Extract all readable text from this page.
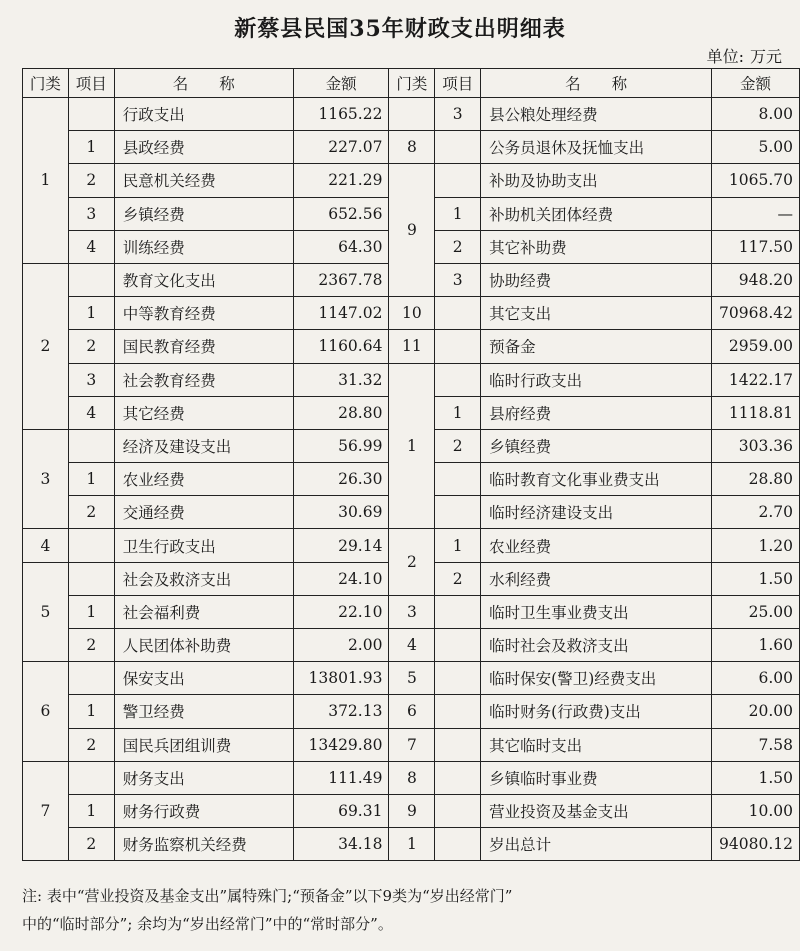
新蔡县民国35年财政支出明细表
单位: 万元
门类	项目	名　　称	金额	门类	项目	名　　称	金额
1		行政支出	1165.22		3	县公粮处理经费	8.00
	1	县政经费	227.07	8		公务员退休及抚恤支出	5.00
	2	民意机关经费	221.29	9		补助及协助支出	1065.70
	3	乡镇经费	652.56		1	补助机关团体经费	—
	4	训练经费	64.30		2	其它补助费	117.50
2		教育文化支出	2367.78		3	协助经费	948.20
	1	中等教育经费	1147.02	10		其它支出	70968.42
	2	国民教育经费	1160.64	11		预备金	2959.00
	3	社会教育经费	31.32	1		临时行政支出	1422.17
	4	其它经费	28.80		1	县府经费	1118.81
3		经济及建设支出	56.99		2	乡镇经费	303.36
	1	农业经费	26.30			临时教育文化事业费支出	28.80
	2	交通经费	30.69			临时经济建设支出	2.70
4		卫生行政支出	29.14	2	1	农业经费	1.20
5		社会及救济支出	24.10		2	水利经费	1.50
	1	社会福利费	22.10	3		临时卫生事业费支出	25.00
	2	人民团体补助费	2.00	4		临时社会及救济支出	1.60
6		保安支出	13801.93	5		临时保安(警卫)经费支出	6.00
	1	警卫经费	372.13	6		临时财务(行政费)支出	20.00
	2	国民兵团组训费	13429.80	7		其它临时支出	7.58
7		财务支出	111.49	8		乡镇临时事业费	1.50
	1	财务行政费	69.31	9		营业投资及基金支出	10.00
	2	财务监察机关经费	34.18	1		岁出总计	94080.12

注: 表中“营业投资及基金支出”属特殊门;“预备金”以下9类为“岁出经常门”

中的“临时部分”; 余均为“岁出经常门”中的“常时部分”。
